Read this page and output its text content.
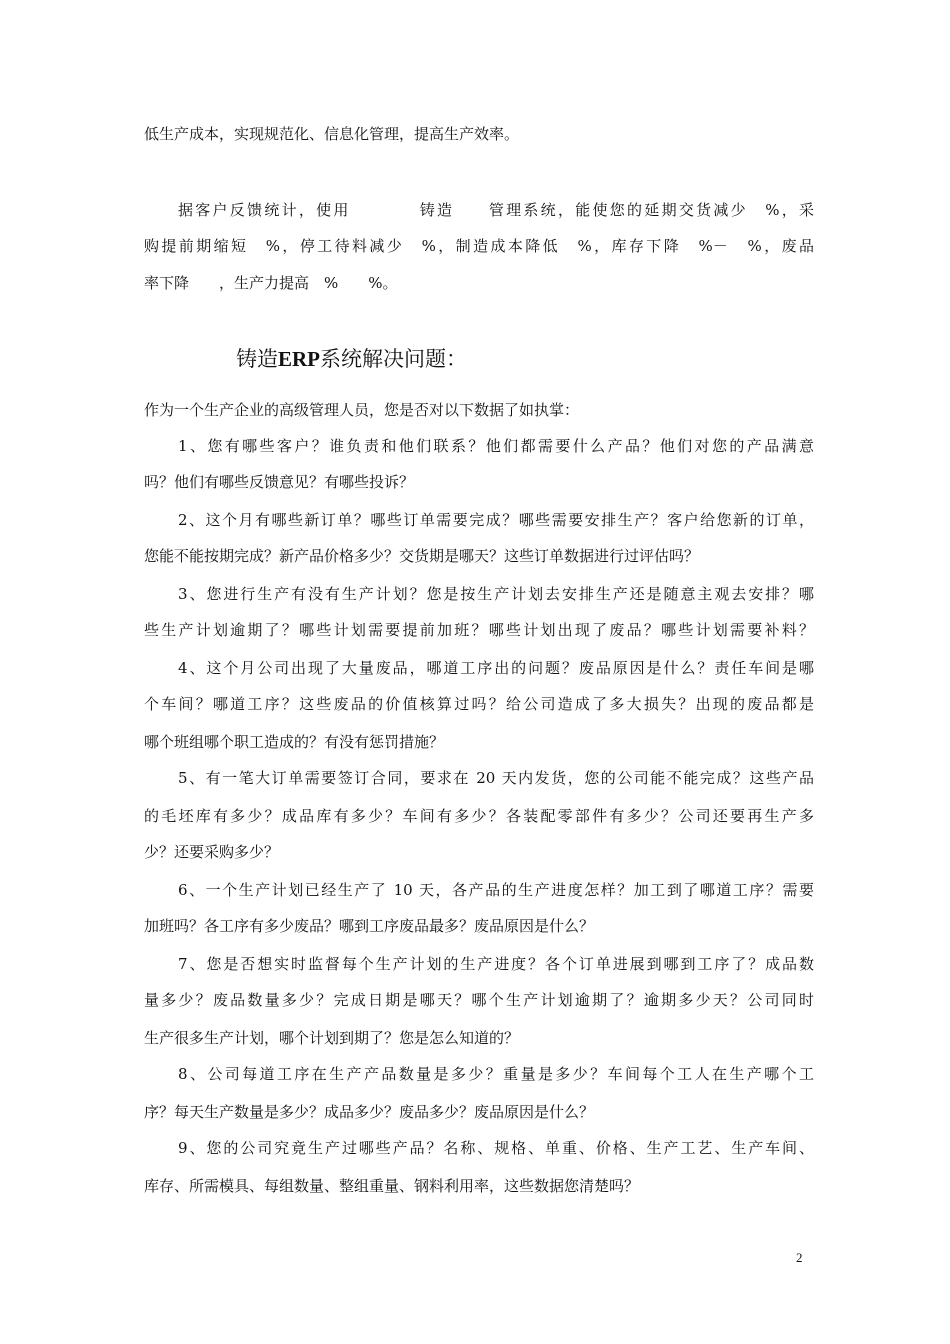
低生产成本，实现规范化、信息化管理，提高生产效率。
据客户反馈统计，使用　　　　铸造　　管理系统，能使您的延期交货减少　%，采
购提前期缩短　%，停工待料减少　%，制造成本降低　%，库存下降　%－　%，废品
率下降　　，生产力提高　%　　%。
铸造ERP系统解决问题：
作为一个生产企业的高级管理人员，您是否对以下数据了如执掌：
1、您有哪些客户？谁负责和他们联系？他们都需要什么产品？他们对您的产品满意
吗？他们有哪些反馈意见？有哪些投诉？
2、这个月有哪些新订单？哪些订单需要完成？哪些需要安排生产？客户给您新的订单，
您能不能按期完成？新产品价格多少？交货期是哪天？这些订单数据进行过评估吗？
3、您进行生产有没有生产计划？您是按生产计划去安排生产还是随意主观去安排？哪
些生产计划逾期了？哪些计划需要提前加班？哪些计划出现了废品？哪些计划需要补料？
4、这个月公司出现了大量废品，哪道工序出的问题？废品原因是什么？责任车间是哪
个车间？哪道工序？这些废品的价值核算过吗？给公司造成了多大损失？出现的废品都是
哪个班组哪个职工造成的？有没有惩罚措施？
5、有一笔大订单需要签订合同，要求在 20 天内发货，您的公司能不能完成？这些产品
的毛坯库有多少？成品库有多少？车间有多少？各装配零部件有多少？公司还要再生产多
少？还要采购多少？
6、一个生产计划已经生产了 10 天，各产品的生产进度怎样？加工到了哪道工序？需要
加班吗？各工序有多少废品？哪到工序废品最多？废品原因是什么？
7、您是否想实时监督每个生产计划的生产进度？各个订单进展到哪到工序了？成品数
量多少？废品数量多少？完成日期是哪天？哪个生产计划逾期了？逾期多少天？公司同时
生产很多生产计划，哪个计划到期了？您是怎么知道的？
8、公司每道工序在生产产品数量是多少？重量是多少？车间每个工人在生产哪个工
序？每天生产数量是多少？成品多少？废品多少？废品原因是什么？
9、您的公司究竟生产过哪些产品？名称、规格、单重、价格、生产工艺、生产车间、
库存、所需模具、每组数量、整组重量、钢料利用率，这些数据您清楚吗？
2
